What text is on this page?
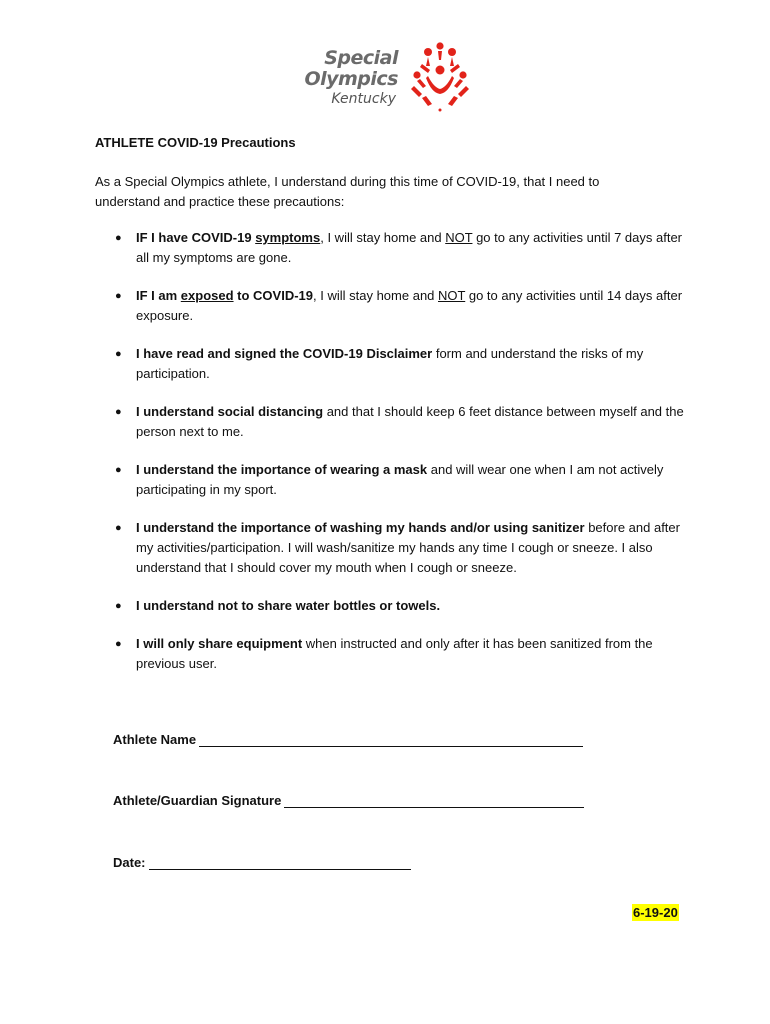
Special
Olympics
Kentucky
ATHLETE COVID-19 Precautions
As a Special Olympics athlete, I understand during this time of COVID-19, that I need to understand and practice these precautions:
● IF I have COVID-19 symptoms, I will stay home and NOT go to any activities until 7 days after all my symptoms are gone.
● IF I am exposed to COVID-19, I will stay home and NOT go to any activities until 14 days after exposure.
● I have read and signed the COVID-19 Disclaimer form and understand the risks of my participation.
● I understand social distancing and that I should keep 6 feet distance between myself and the person next to me.
● I understand the importance of wearing a mask and will wear one when I am not actively participating in my sport.
● I understand the importance of washing my hands and/or using sanitizer before and after my activities/participation. I will wash/sanitize my hands any time I cough or sneeze. I also understand that I should cover my mouth when I cough or sneeze.
● I understand not to share water bottles or towels.
● I will only share equipment when instructed and only after it has been sanitized from the previous user.
Athlete Name
Athlete/Guardian Signature
Date:
6-19-20
